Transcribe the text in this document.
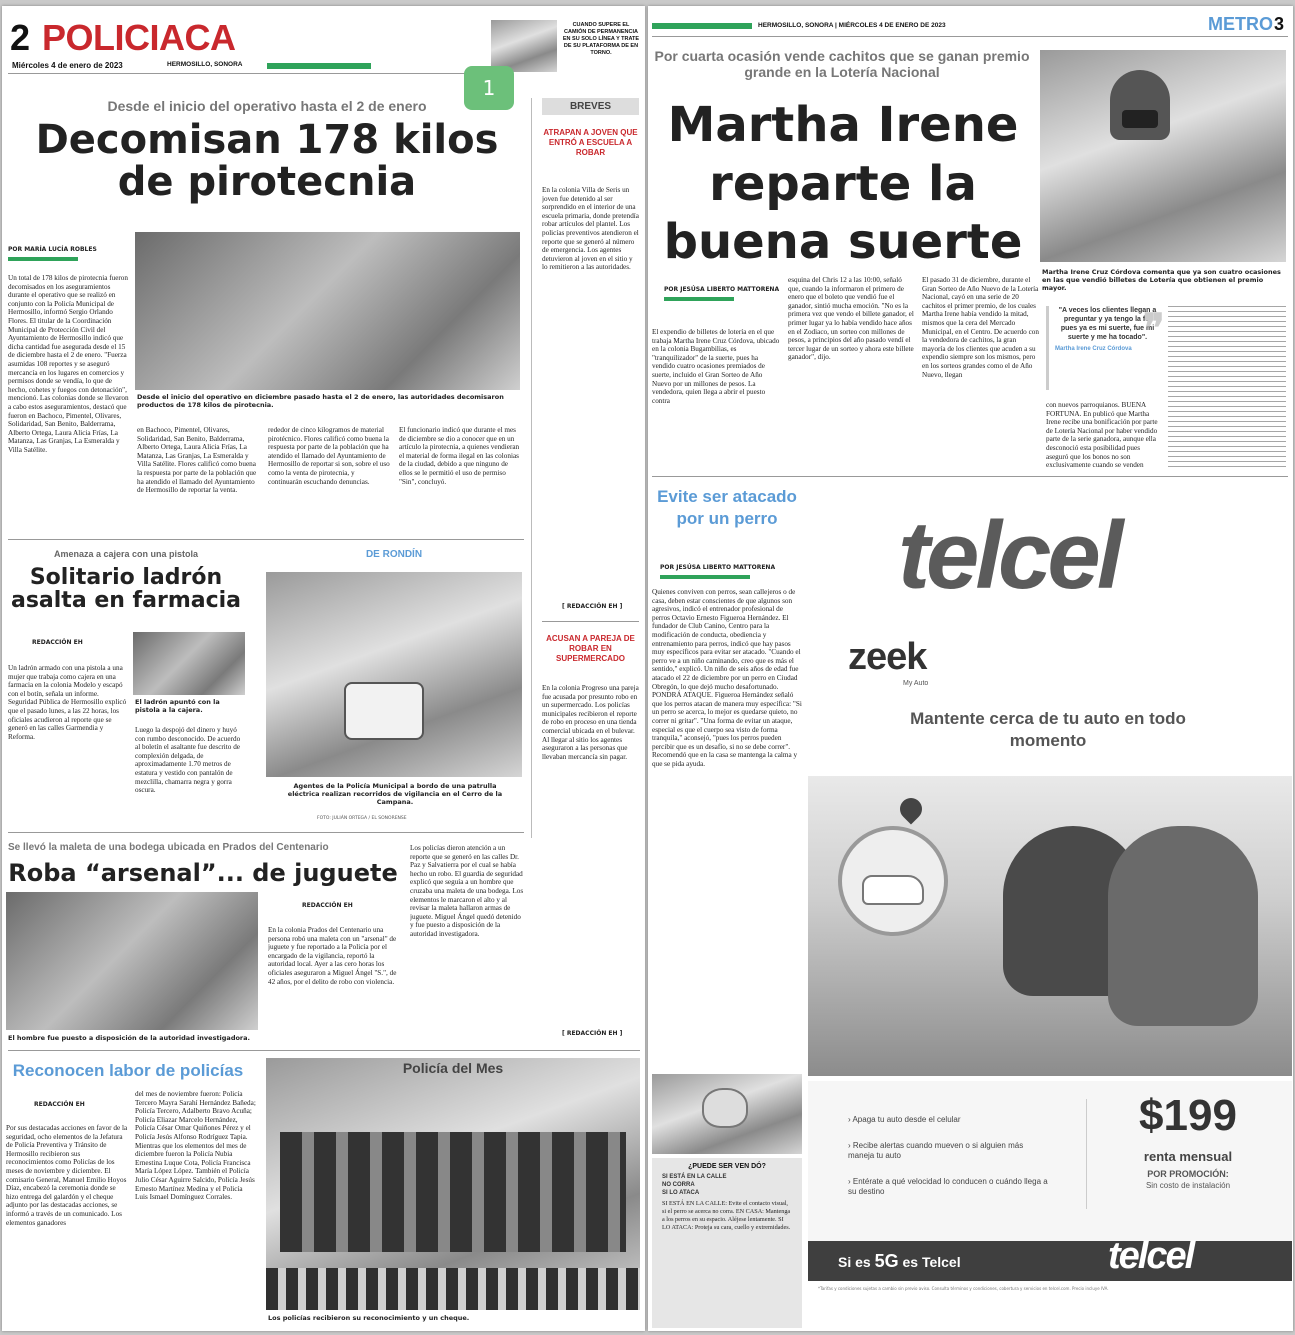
2 POLICIACA
Miércoles 4 de enero de 2023	HERMOSILLO, SONORA
CUANDO SUPERE EL CAMIÓN DE PERMANENCIA EN SU SOLO LÍNEA Y TRATE DE SU PLATAFORMA DE EN TORNO.
1
Desde el inicio del operativo hasta el 2 de enero
Decomisan 178 kilos de pirotecnia
POR MARÍA LUCÍA ROBLES
Un total de 178 kilos de pirotecnia fueron decomisados en los aseguramientos durante el operativo que se realizó en conjunto con la Policía Municipal de Hermosillo, informó Sergio Orlando Flores. El titular de la Coordinación Municipal de Protección Civil del Ayuntamiento de Hermosillo indicó que dicha cantidad fue asegurada desde el 15 de diciembre hasta el 2 de enero. "Fuerza asumidas 108 reportes y se aseguró mercancía en los lugares en comercios y permisos donde se vendía, lo que de hecho, cohetes y fuegos con detonación", mencionó. Las colonias donde se llevaron a cabo estos aseguramientos, destacó que fueron en Bachoco, Pimentel, Olivares, Solidaridad, San Benito, Balderrama, Alberto Ortega, Laura Alicia Frías, La Matanza, Las Granjas, La Esmeralda y Villa Satélite.
Desde el inicio del operativo en diciembre pasado hasta el 2 de enero, las autoridades decomisaron productos de 178 kilos de pirotecnia.
en Bachoco, Pimentel, Olivares, Solidaridad, San Benito, Balderrama, Alberto Ortega, Laura Alicia Frías, La Matanza, Las Granjas, La Esmeralda y Villa Satélite. Flores calificó como buena la respuesta por parte de la población que ha atendido el llamado del Ayuntamiento de Hermosillo de reportar la venta.
rededor de cinco kilogramos de material pirotécnico. Flores calificó como buena la respuesta por parte de la población que ha atendido el llamado del Ayuntamiento de Hermosillo de reportar si son, sobre el uso como la venta de pirotecnia, y continuarán escuchando denuncias.
El funcionario indicó que durante el mes de diciembre se dio a conocer que en un artículo la pirotecnia, a quienes vendieran el material de forma ilegal en las colonias de la ciudad, debido a que ninguno de ellos se le permitió el uso de permiso "Sin", concluyó.
BREVES
ATRAPAN A JOVEN QUE ENTRÓ A ESCUELA A ROBAR
En la colonia Villa de Seris un joven fue detenido al ser sorprendido en el interior de una escuela primaria, donde pretendía robar artículos del plantel. Los policías preventivos atendieron el reporte que se generó al número de emergencia. Los agentes detuvieron al joven en el sitio y lo remitieron a las autoridades.
[ REDACCIÓN EH ]
ACUSAN A PAREJA DE ROBAR EN SUPERMERCADO
En la colonia Progreso una pareja fue acusada por presunto robo en un supermercado. Los policías municipales recibieron el reporte de robo en proceso en una tienda comercial ubicada en el bulevar. Al llegar al sitio los agentes aseguraron a las personas que llevaban mercancía sin pagar.
[ REDACCIÓN EH ]
Amenaza a cajera con una pistola
Solitario ladrón asalta en farmacia
REDACCIÓN EH
Un ladrón armado con una pistola a una mujer que trabaja como cajera en una farmacia en la colonia Modelo y escapó con el botín, señala un informe. Seguridad Pública de Hermosillo explicó que el pasado lunes, a las 22 horas, los oficiales acudieron al reporte que se generó en las calles Garmendia y Reforma.
El ladrón apuntó con la pistola a la cajera.
Luego la despojó del dinero y huyó con rumbo desconocido. De acuerdo al boletín el asaltante fue descrito de complexión delgada, de aproximadamente 1.70 metros de estatura y vestido con pantalón de mezclilla, chamarra negra y gorra oscura.
DE RONDÍN
Agentes de la Policía Municipal a bordo de una patrulla eléctrica realizan recorridos de vigilancia en el Cerro de la Campana.
FOTO: JULIÁN ORTEGA / EL SONORENSE
Se llevó la maleta de una bodega ubicada en Prados del Centenario
Roba “arsenal”... de juguete
El hombre fue puesto a disposición de la autoridad investigadora.
REDACCIÓN EH
En la colonia Prados del Centenario una persona robó una maleta con un "arsenal" de juguete y fue reportado a la Policía por el encargado de la vigilancia, reportó la autoridad local. Ayer a las cero horas los oficiales aseguraron a Miguel Ángel "S.", de 42 años, por el delito de robo con violencia.
Los policías dieron atención a un reporte que se generó en las calles Dr. Paz y Salvatierra por el cual se había hecho un robo. El guardia de seguridad explicó que seguía a un hombre que cruzaba una maleta de una bodega. Los elementos le marcaron el alto y al revisar la maleta hallaron armas de juguete. Miguel Ángel quedó detenido y fue puesto a disposición de la autoridad investigadora.
Reconocen labor de policías
REDACCIÓN EH
Por sus destacadas acciones en favor de la seguridad, ocho elementos de la Jefatura de Policía Preventiva y Tránsito de Hermosillo recibieron sus reconocimientos como Policías de los meses de noviembre y diciembre. El comisario General, Manuel Emilio Hoyos Díaz, encabezó la ceremonia donde se hizo entrega del galardón y el cheque adjunto por las destacadas acciones, se informó a través de un comunicado. Los elementos ganadores
del mes de noviembre fueron: Policía Tercero Mayra Sarahí Hernández Bañeda; Policía Tercero, Adalberto Bravo Acuña; Policía Eliazar Marcelo Hernández, Policía César Omar Quiñones Pérez y el Policía Jesús Alfonso Rodríguez Tapia. Mientras que los elementos del mes de diciembre fueron la Policía Nubia Ernestina Luque Cota, Policía Francisca María López López. También el Policía Julio César Aguirre Salcido, Policía Jesús Ernesto Martínez Medina y el Policía Luis Ismael Domínguez Corrales.
Policía del Mes
Los policías recibieron su reconocimiento y un cheque.
HERMOSILLO, SONORA | MIÉRCOLES 4 DE ENERO DE 2023	METRO 3
Por cuarta ocasión vende cachitos que se ganan premio grande en la Lotería Nacional
Martha Irene reparte la buena suerte
Martha Irene Cruz Córdova comenta que ya son cuatro ocasiones en las que vendió billetes de Lotería que obtienen el premio mayor.
POR JESÚSA LIBERTO MATTORENA
El expendio de billetes de lotería en el que trabaja Martha Irene Cruz Córdova, ubicado en la colonia Bugambilias, es "tranquilizador" de la suerte, pues ha vendido cuatro ocasiones premiados de suerte, incluido el Gran Sorteo de Año Nuevo por un millones de pesos. La vendedora, quien llega a abrir el puesto contra
esquina del Chris 12 a las 10:00, señaló que, cuando la informaron el primero de enero que el boleto que vendió fue el ganador, sintió mucha emoción. "No es la primera vez que vendo el billete ganador, el primer lugar ya lo había vendido hace años en el Zodiaco, un sorteo con millones de pesos, a principios del año pasado vendí el tercer lugar de un sorteo y ahora este billete ganador", dijo.
El pasado 31 de diciembre, durante el Gran Sorteo de Año Nuevo de la Lotería Nacional, cayó en una serie de 20 cachitos el primer premio, de los cuales Martha Irene había vendido la mitad, mismos que la cera del Mercado Municipal, en el Centro. De acuerdo con la vendedora de cachitos, la gran mayoría de los clientes que acuden a su expendio siempre son los mismos, pero en los sorteos grandes como el de Año Nuevo, llegan
"A veces los clientes llegan a preguntar y ya tengo la fe, pues ya es mi suerte, fue mi suerte y me ha tocado".
Martha Irene Cruz Córdova ❞
con nuevos parroquianos. BUENA FORTUNA. En publicó que Martha Irene recibe una bonificación por parte de Lotería Nacional por haber vendido parte de la serie ganadora, aunque ella desconoció esta posibilidad pues aseguró que los bonos no son exclusivamente cuando se venden
Evite ser atacado por un perro
POR JESÚSA LIBERTO MATTORENA
Quienes conviven con perros, sean callejeros o de casa, deben estar conscientes de que algunos son agresivos, indicó el entrenador profesional de perros Octavio Ernesto Figueroa Hernández. El fundador de Club Canino, Centro para la modificación de conducta, obediencia y entrenamiento para perros, indicó que hay pasos muy específicos para evitar ser atacado. "Cuando el perro ve a un niño caminando, creo que es más el sentido," explicó. Un niño de seis años de edad fue atacado el 22 de diciembre por un perro en Ciudad Obregón, lo que dejó mucho desafortunado. PONDRÁ ATAQUE. Figueroa Hernández señaló que los perros atacan de manera muy específica: "Si un perro se acerca, lo mejor es quedarse quieto, no correr ni gritar". "Una forma de evitar un ataque, especial es que el cuerpo sea visto de forma tranquila," aconsejó, "pues los perros pueden percibir que es un desafío, si no se debe correr". Recomendó que en la casa se mantenga la calma y que se pida ayuda.
¿PUEDE SER VEN DÓ?
SI ESTÁ EN LA CALLE
NO CORRA
SI LO ATACA
SI ESTÁ EN LA CALLE: Evite el contacto visual, si el perro se acerca no corra. EN CASA: Mantenga a los perros en su espacio. Aléjese lentamente. SI LO ATACA: Proteja su cara, cuello y extremidades.
telcel
zeek
My Auto
Mantente cerca de tu auto en todo momento
› Apaga tu auto desde el celular
› Recibe alertas cuando mueven o si alguien más maneja tu auto
› Entérate a qué velocidad lo conducen o cuándo llega a su destino
$199
renta mensual
POR PROMOCIÓN:
Sin costo de instalación
Si es 5G es Telcel	telcel
*Tarifas y condiciones sujetas a cambio sin previo aviso. Consulta términos y condiciones, cobertura y servicios en telcel.com. Precio incluye IVA.
